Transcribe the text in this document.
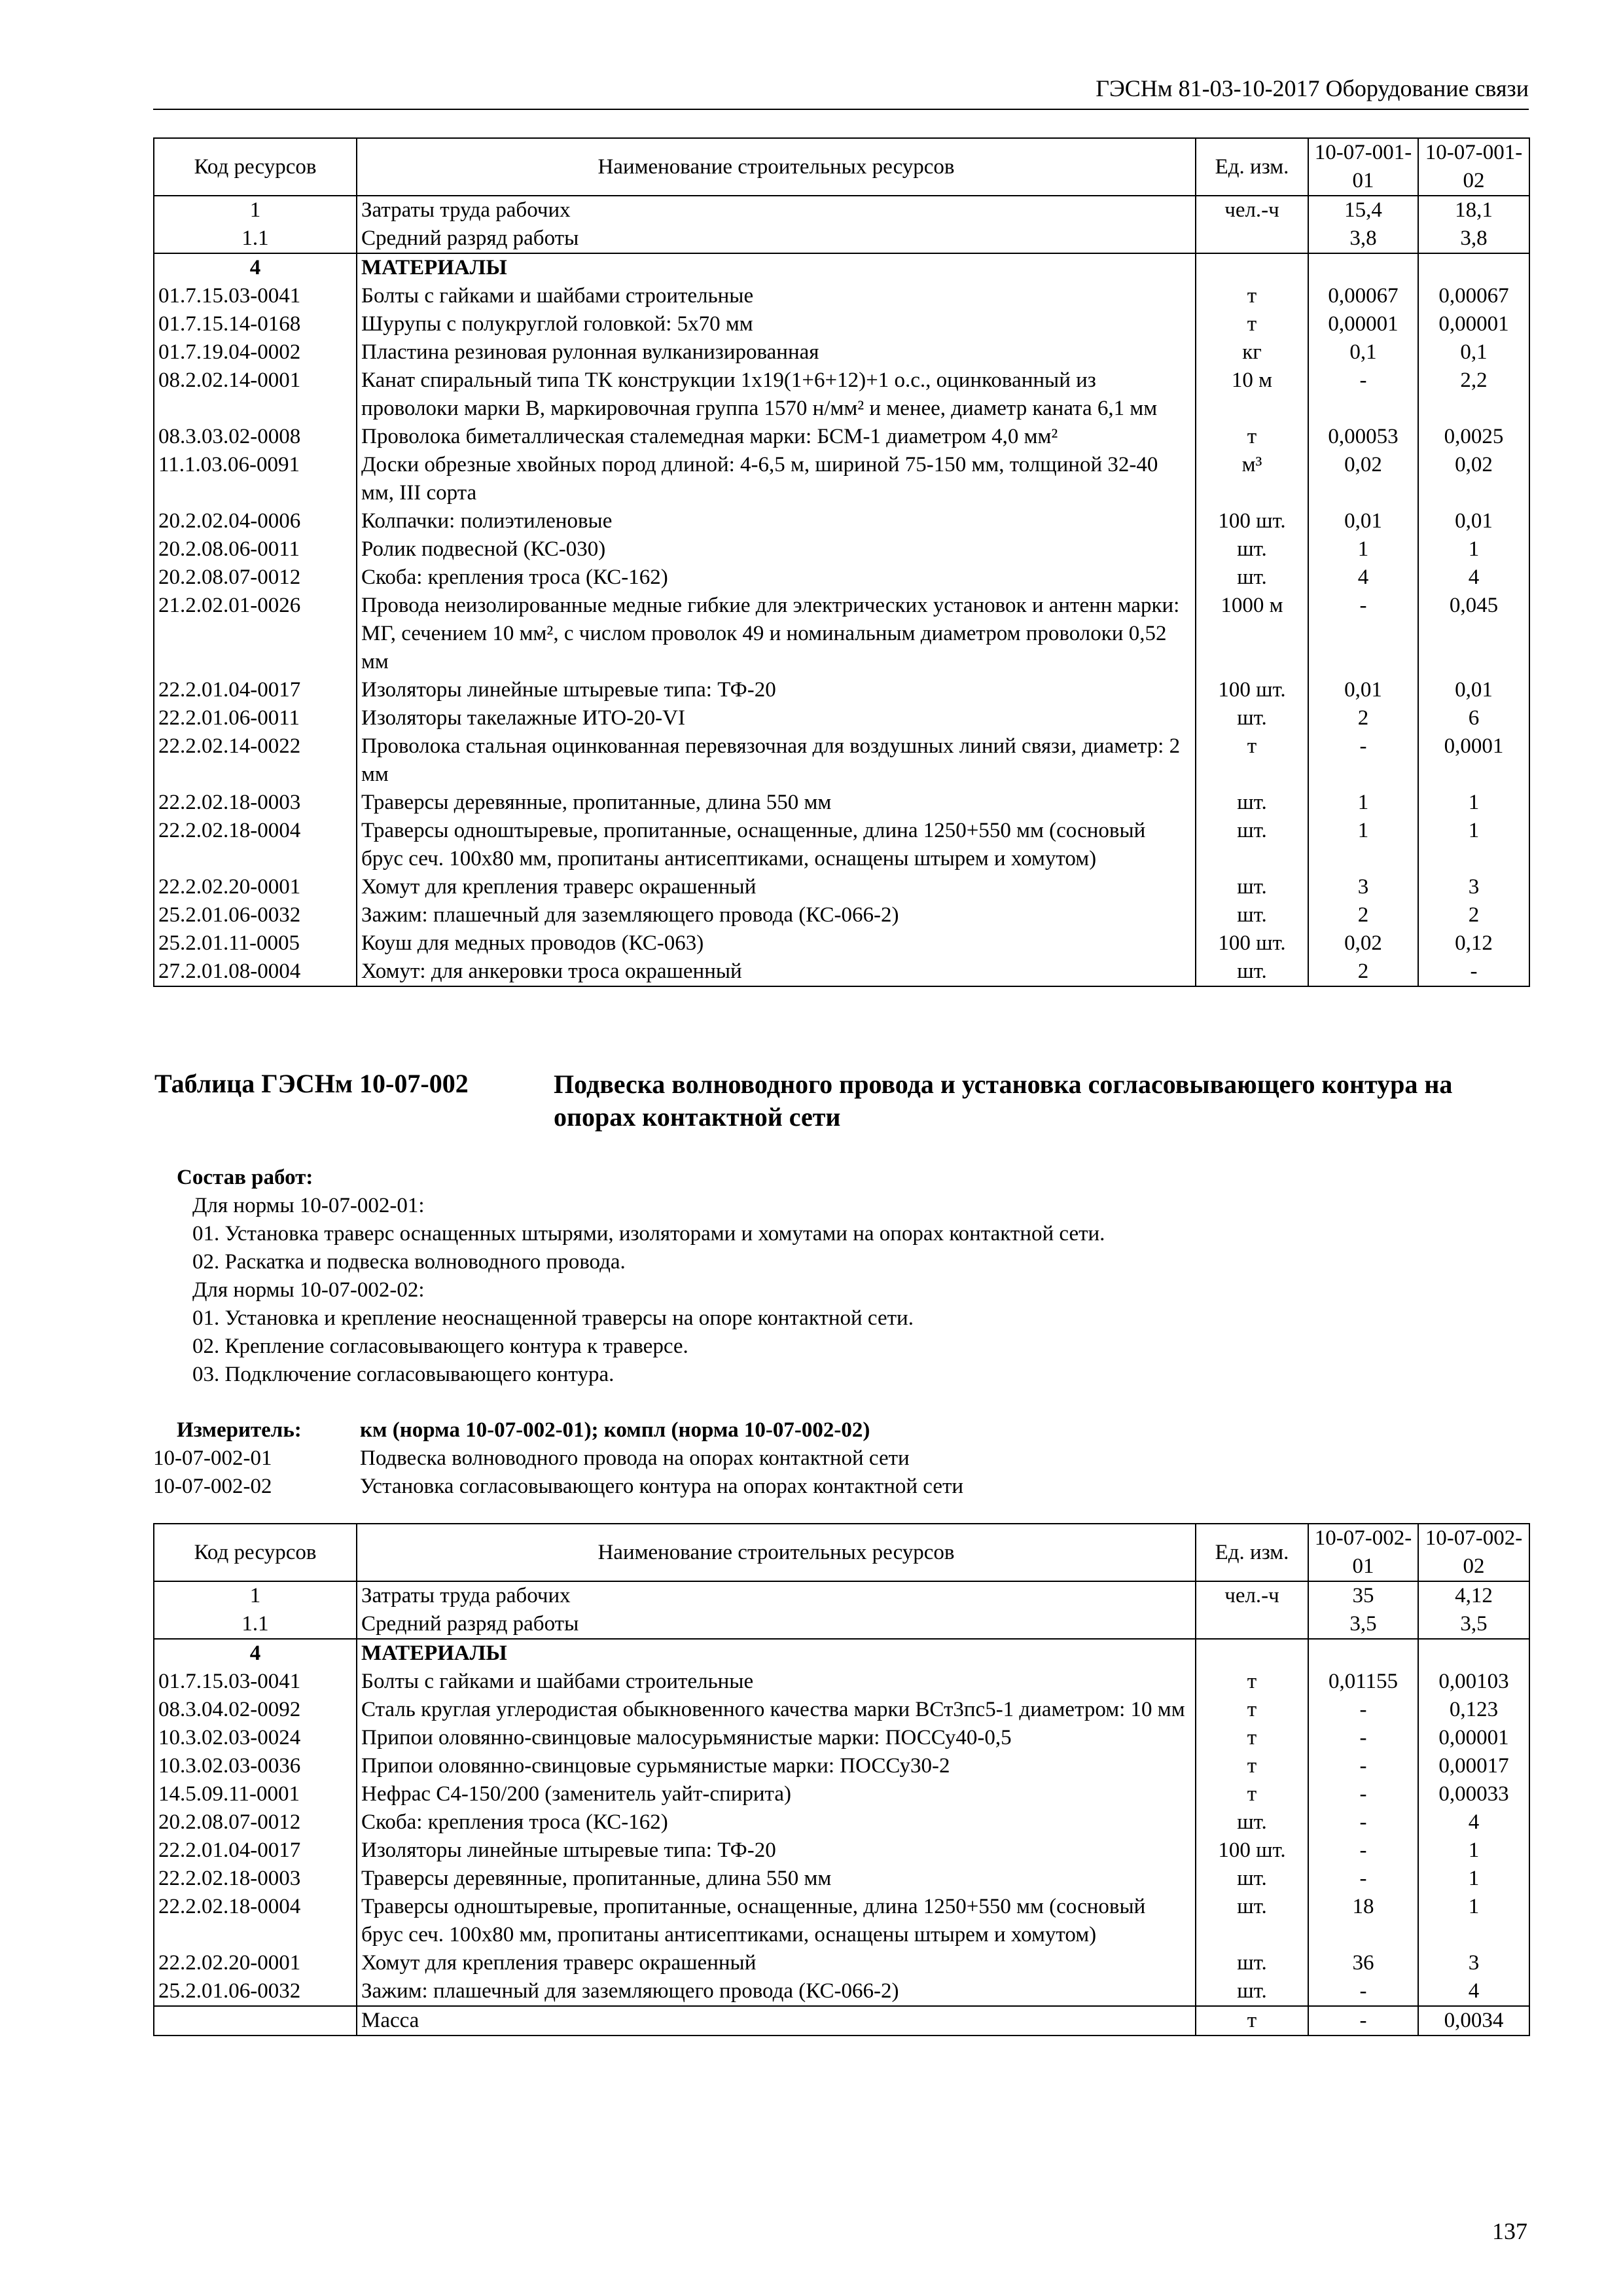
ГЭСНм 81-03-10-2017 Оборудование связи
Код ресурсов	Наименование строительных ресурсов	Ед. изм.	10-07-001-01	10-07-001-02
1	Затраты труда рабочих	чел.-ч	15,4	18,1
1.1	Средний разряд работы		3,8	3,8
4	МАТЕРИАЛЫ			
01.7.15.03-0041	Болты с гайками и шайбами строительные	т	0,00067	0,00067
01.7.15.14-0168	Шурупы с полукруглой головкой: 5х70 мм	т	0,00001	0,00001
01.7.19.04-0002	Пластина резиновая рулонная вулканизированная	кг	0,1	0,1
08.2.02.14-0001	Канат спиральный типа ТК конструкции 1х19(1+6+12)+1 о.с., оцинкованный из проволоки марки В, маркировочная группа 1570 н/мм² и менее, диаметр каната 6,1 мм	10 м	-	2,2
08.3.03.02-0008	Проволока биметаллическая сталемедная марки: БСМ-1 диаметром 4,0 мм²	т	0,00053	0,0025
11.1.03.06-0091	Доски обрезные хвойных пород длиной: 4-6,5 м, шириной 75-150 мм, толщиной 32-40 мм, III сорта	м³	0,02	0,02
20.2.02.04-0006	Колпачки: полиэтиленовые	100 шт.	0,01	0,01
20.2.08.06-0011	Ролик подвесной (КС-030)	шт.	1	1
20.2.08.07-0012	Скоба: крепления троса (КС-162)	шт.	4	4
21.2.02.01-0026	Провода неизолированные медные гибкие для электрических установок и антенн марки: МГ, сечением 10 мм², с числом проволок 49 и номинальным диаметром проволоки 0,52 мм	1000 м	-	0,045
22.2.01.04-0017	Изоляторы линейные штыревые типа: ТФ-20	100 шт.	0,01	0,01
22.2.01.06-0011	Изоляторы такелажные ИТО-20-VI	шт.	2	6
22.2.02.14-0022	Проволока стальная оцинкованная перевязочная для воздушных линий связи, диаметр: 2 мм	т	-	0,0001
22.2.02.18-0003	Траверсы деревянные, пропитанные, длина 550 мм	шт.	1	1
22.2.02.18-0004	Траверсы одноштыревые, пропитанные, оснащенные, длина 1250+550 мм (сосновый брус сеч. 100х80 мм, пропитаны антисептиками, оснащены штырем и хомутом)	шт.	1	1
22.2.02.20-0001	Хомут для крепления траверс окрашенный	шт.	3	3
25.2.01.06-0032	Зажим: плашечный для заземляющего провода (КС-066-2)	шт.	2	2
25.2.01.11-0005	Коуш для медных проводов (КС-063)	100 шт.	0,02	0,12
27.2.01.08-0004	Хомут: для анкеровки троса окрашенный	шт.	2	-
Таблица ГЭСНм 10-07-002	Подвеска волноводного провода и установка согласовывающего контура на опорах контактной сети
Состав работ:
Для нормы 10-07-002-01:
01. Установка траверс оснащенных штырями, изоляторами и хомутами на опорах контактной сети.
02. Раскатка и подвеска волноводного провода.
Для нормы 10-07-002-02:
01. Установка и крепление неоснащенной траверсы на опоре контактной сети.
02. Крепление согласовывающего контура к траверсе.
03. Подключение согласовывающего контура.
Измеритель:	км (норма 10-07-002-01); компл (норма 10-07-002-02)
10-07-002-01	Подвеска волноводного провода на опорах контактной сети
10-07-002-02	Установка согласовывающего контура на опорах контактной сети
Код ресурсов	Наименование строительных ресурсов	Ед. изм.	10-07-002-01	10-07-002-02
1	Затраты труда рабочих	чел.-ч	35	4,12
1.1	Средний разряд работы		3,5	3,5
4	МАТЕРИАЛЫ			
01.7.15.03-0041	Болты с гайками и шайбами строительные	т	0,01155	0,00103
08.3.04.02-0092	Сталь круглая углеродистая обыкновенного качества марки ВСт3пс5-1 диаметром: 10 мм	т	-	0,123
10.3.02.03-0024	Припои оловянно-свинцовые малосурьмянистые марки: ПОССу40-0,5	т	-	0,00001
10.3.02.03-0036	Припои оловянно-свинцовые сурьмянистые марки: ПОССу30-2	т	-	0,00017
14.5.09.11-0001	Нефрас С4-150/200 (заменитель уайт-спирита)	т	-	0,00033
20.2.08.07-0012	Скоба: крепления троса (КС-162)	шт.	-	4
22.2.01.04-0017	Изоляторы линейные штыревые типа: ТФ-20	100 шт.	-	1
22.2.02.18-0003	Траверсы деревянные, пропитанные, длина 550 мм	шт.	-	1
22.2.02.18-0004	Траверсы одноштыревые, пропитанные, оснащенные, длина 1250+550 мм (сосновый брус сеч. 100х80 мм, пропитаны антисептиками, оснащены штырем и хомутом)	шт.	18	1
22.2.02.20-0001	Хомут для крепления траверс окрашенный	шт.	36	3
25.2.01.06-0032	Зажим: плашечный для заземляющего провода (КС-066-2)	шт.	-	4
	Масса	т	-	0,0034
137
